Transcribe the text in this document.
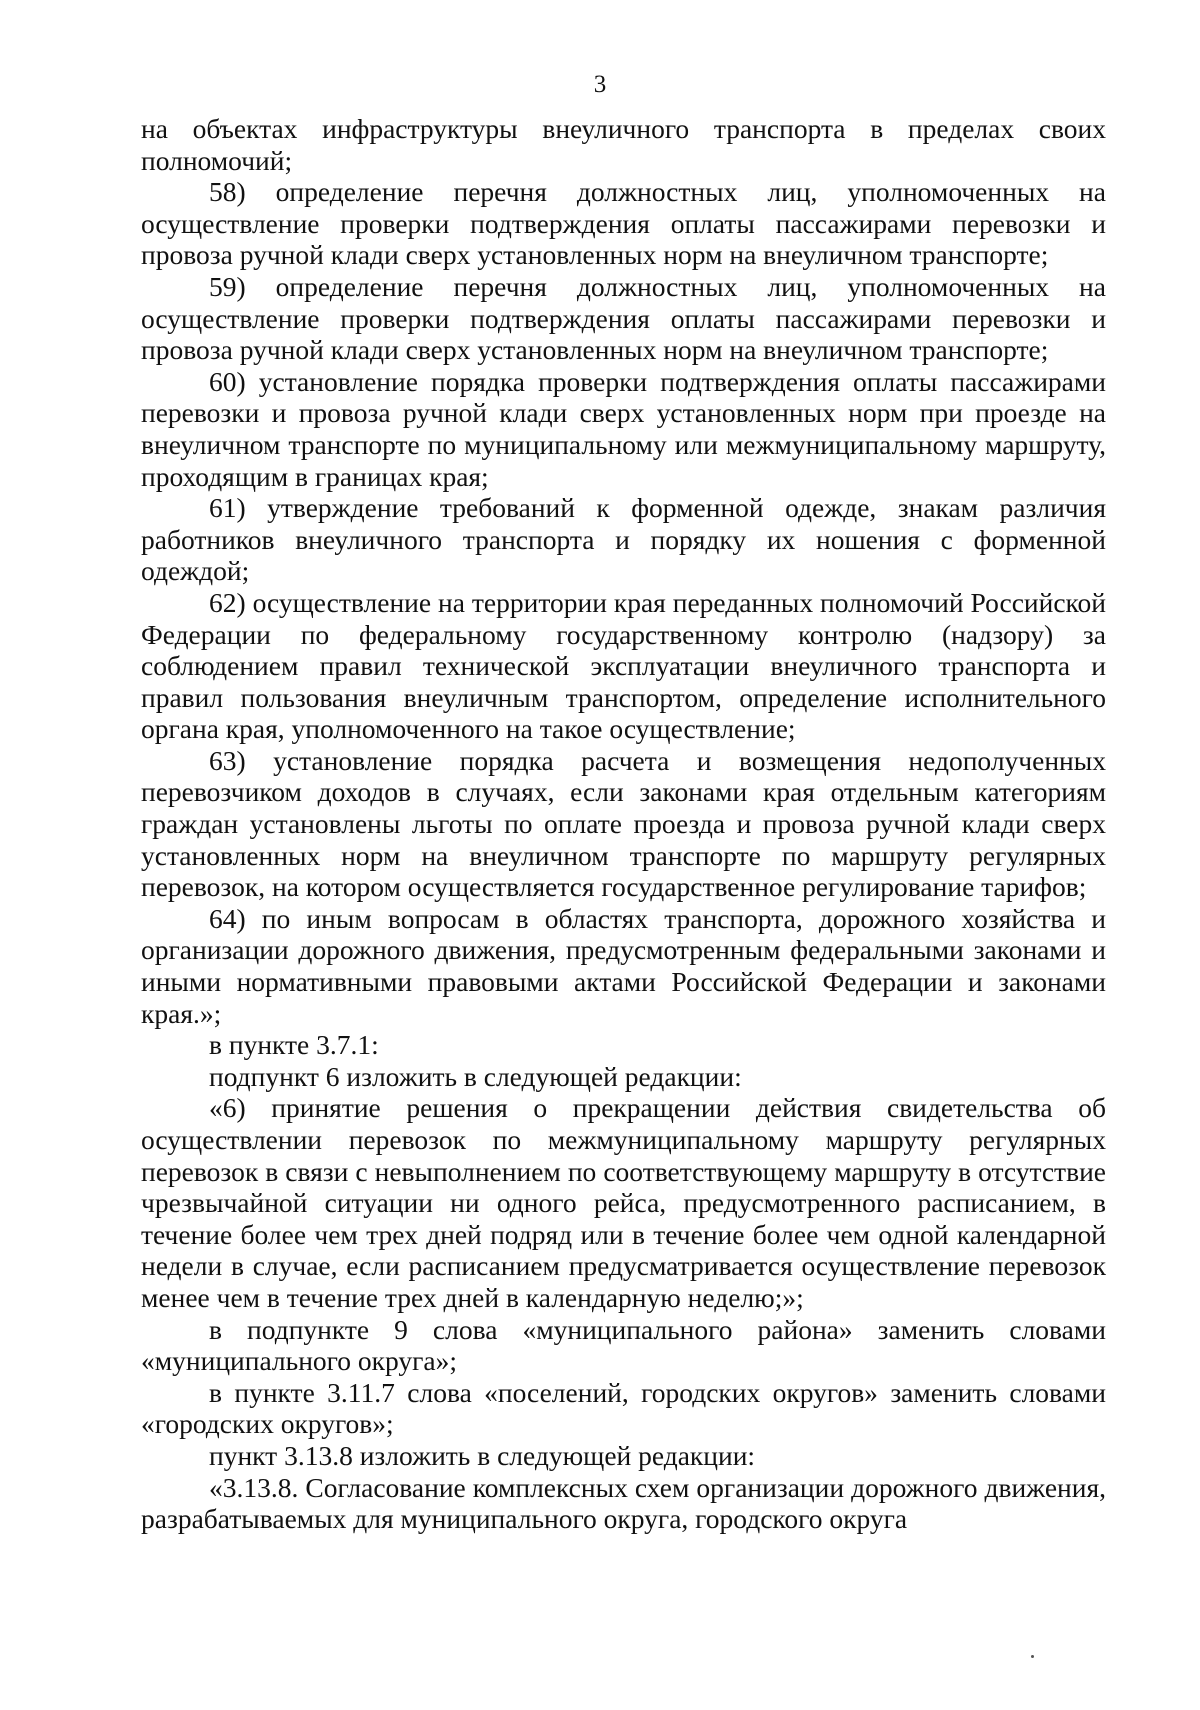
3

на объектах инфраструктуры внеуличного транспорта в пределах своих полномочий;

58) определение перечня должностных лиц, уполномоченных на осуществление проверки подтверждения оплаты пассажирами перевозки и провоза ручной клади сверх установленных норм на внеуличном транспорте;

59) определение перечня должностных лиц, уполномоченных на осуществление проверки подтверждения оплаты пассажирами перевозки и провоза ручной клади сверх установленных норм на внеуличном транспорте;

60) установление порядка проверки подтверждения оплаты пассажирами перевозки и провоза ручной клади сверх установленных норм при проезде на внеуличном транспорте по муниципальному или межмуниципальному маршруту, проходящим в границах края;

61) утверждение требований к форменной одежде, знакам различия работников внеуличного транспорта и порядку их ношения с форменной одеждой;

62) осуществление на территории края переданных полномочий Российской Федерации по федеральному государственному контролю (надзору) за соблюдением правил технической эксплуатации внеуличного транспорта и правил пользования внеуличным транспортом, определение исполнительного органа края, уполномоченного на такое осуществление;

63) установление порядка расчета и возмещения недополученных перевозчиком доходов в случаях, если законами края отдельным категориям граждан установлены льготы по оплате проезда и провоза ручной клади сверх установленных норм на внеуличном транспорте по маршруту регулярных перевозок, на котором осуществляется государственное регулирование тарифов;

64) по иным вопросам в областях транспорта, дорожного хозяйства и организации дорожного движения, предусмотренным федеральными законами и иными нормативными правовыми актами Российской Федерации и законами края.»;

в пункте 3.7.1:

подпункт 6 изложить в следующей редакции:

«6) принятие решения о прекращении действия свидетельства об осуществлении перевозок по межмуниципальному маршруту регулярных перевозок в связи с невыполнением по соответствующему маршруту в отсутствие чрезвычайной ситуации ни одного рейса, предусмотренного расписанием, в течение более чем трех дней подряд или в течение более чем одной календарной недели в случае, если расписанием предусматривается осуществление перевозок менее чем в течение трех дней в календарную неделю;»;

в подпункте 9 слова «муниципального района» заменить словами «муниципального округа»;

в пункте 3.11.7 слова «поселений, городских округов» заменить словами «городских округов»;

пункт 3.13.8 изложить в следующей редакции:

«3.13.8. Согласование комплексных схем организации дорожного движения, разрабатываемых для муниципального округа, городского округа
